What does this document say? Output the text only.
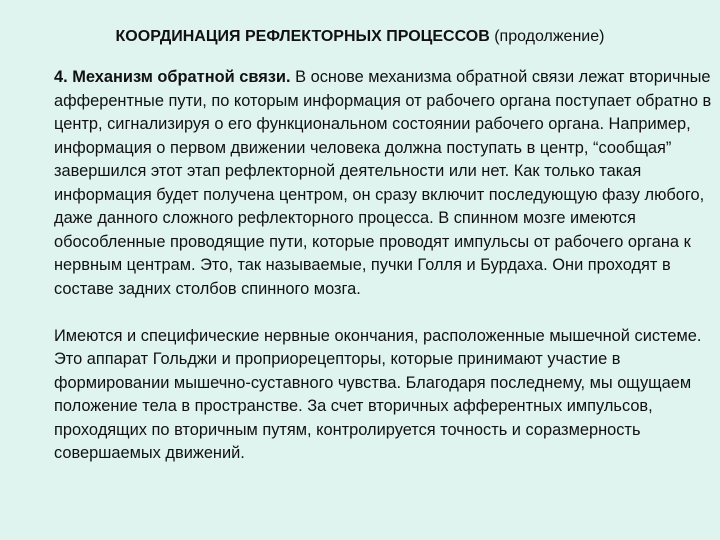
КООРДИНАЦИЯ РЕФЛЕКТОРНЫХ ПРОЦЕССОВ (продолжение)

4. Механизм обратной связи. В основе механизма обратной связи лежат вторичные афферентные пути, по которым информация от рабочего органа поступает обратно в центр, сигнализируя о его функциональном состоянии рабочего органа. Например, информация о первом движении человека должна поступать в центр, “сообщая” завершился этот этап рефлекторной деятельности или нет. Как только такая информация будет получена центром, он сразу включит последующую фазу любого, даже данного сложного рефлекторного процесса. В спинном мозге имеются обособленные проводящие пути, которые проводят импульсы от рабочего органа к нервным центрам. Это, так называемые, пучки Голля и Бурдаха. Они проходят в составе задних столбов спинного мозга.

Имеются и специфические нервные окончания, расположенные мышечной системе. Это аппарат Гольджи и проприорецепторы, которые принимают участие в формировании мышечно-суставного чувства. Благодаря последнему, мы ощущаем положение тела в пространстве. За счет вторичных афферентных импульсов, проходящих по вторичным путям, контролируется точность и соразмерность совершаемых движений.
